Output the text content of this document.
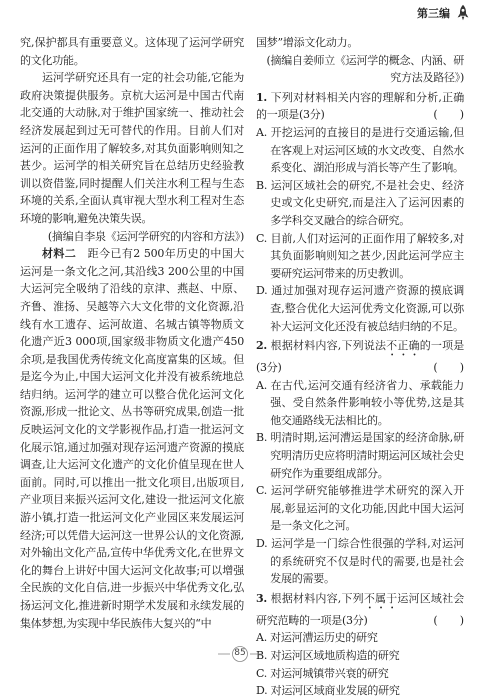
第三编

究,保护都具有重要意义。这体现了运河学研究的文化功能。

运河学研究还具有一定的社会功能,它能为政府决策提供服务。京杭大运河是中国古代南北交通的大动脉,对于维护国家统一、推动社会经济发展起到过无可替代的作用。目前人们对运河的正面作用了解较多,对其负面影响则知之甚少。运河学的相关研究旨在总结历史经验教训以资借鉴,同时提醒人们关注水利工程与生态环境的关系,全面认真审视大型水利工程对生态环境的影响,避免决策失误。

(摘编自李泉《运河学研究的内容和方法》)

材料二　 距今已有2 500年历史的中国大运河是一条文化之河,其沿线3 200公里的中国大运河完全吸纳了沿线的京津、燕赵、中原、齐鲁、淮扬、吴越等六大文化带的文化资源,沿线有水工遗存、运河故道、名城古镇等物质文化遗产近3 000项,国家级非物质文化遗产450余项,是我国优秀传统文化高度富集的区域。但是迄今为止,中国大运河文化并没有被系统地总结归纳。运河学的建立可以整合优化运河文化资源,形成一批论文、丛书等研究成果,创造一批反映运河文化的文学影视作品,打造一批运河文化展示馆,通过加强对现存运河遗产资源的摸底调查,让大运河文化遗产的文化价值呈现在世人面前。同时,可以推出一批文化项目,出版项目,产业项目来振兴运河文化,建设一批运河文化旅游小镇,打造一批运河文化产业园区来发展运河经济;可以凭借大运河这一世界公认的文化资源,对外输出文化产品,宣传中华优秀文化,在世界文化的舞台上讲好中国大运河文化故事;可以增强全民族的文化自信,进一步振兴中华优秀文化,弘扬运河文化,推进新时期学术发展和永续发展的集体梦想,为实现中华民族伟大复兴的“中

国梦”增添文化动力。

(摘编自姜师立《运河学的概念、内涵、研究方法及路径》)

1. 下列对材料相关内容的理解和分析,正确的一项是(3分)	(　　)

A. 开挖运河的直接目的是进行交通运输,但在客观上对运河区域的水文改变、自然水系变化、湖泊形成与消长等产生了影响。

B. 运河区域社会的研究,不是社会史、经济史或文化史研究,而是注入了运河因素的多学科交叉融合的综合研究。

C. 目前,人们对运河的正面作用了解较多,对其负面影响则知之甚少,因此运河学应主要研究运河带来的历史教训。

D. 通过加强对现存运河遗产资源的摸底调查,整合优化大运河优秀文化资源,可以弥补大运河文化还没有被总结归纳的不足。

2. 根据材料内容,下列说法不正确的一项是(3分)	(　　)

A. 在古代,运河交通有经济省力、承载能力强、受自然条件影响较小等优势,这是其他交通路线无法相比的。

B. 明清时期,运河漕运是国家的经济命脉,研究明清历史应将明清时期运河区域社会史研究作为重要组成部分。

C. 运河学研究能够推进学术研究的深入开展,彰显运河的文化功能,因此中国大运河是一条文化之河。

D. 运河学是一门综合性很强的学科,对运河的系统研究不仅是时代的需要,也是社会发展的需要。

3. 根据材料内容,下列不属于运河区域社会研究范畴的一项是(3分)	(　　)

A. 对运河漕运历史的研究

B. 对运河区域地质构造的研究

C. 对运河城镇带兴衰的研究

D. 对运河区域商业发展的研究

85
